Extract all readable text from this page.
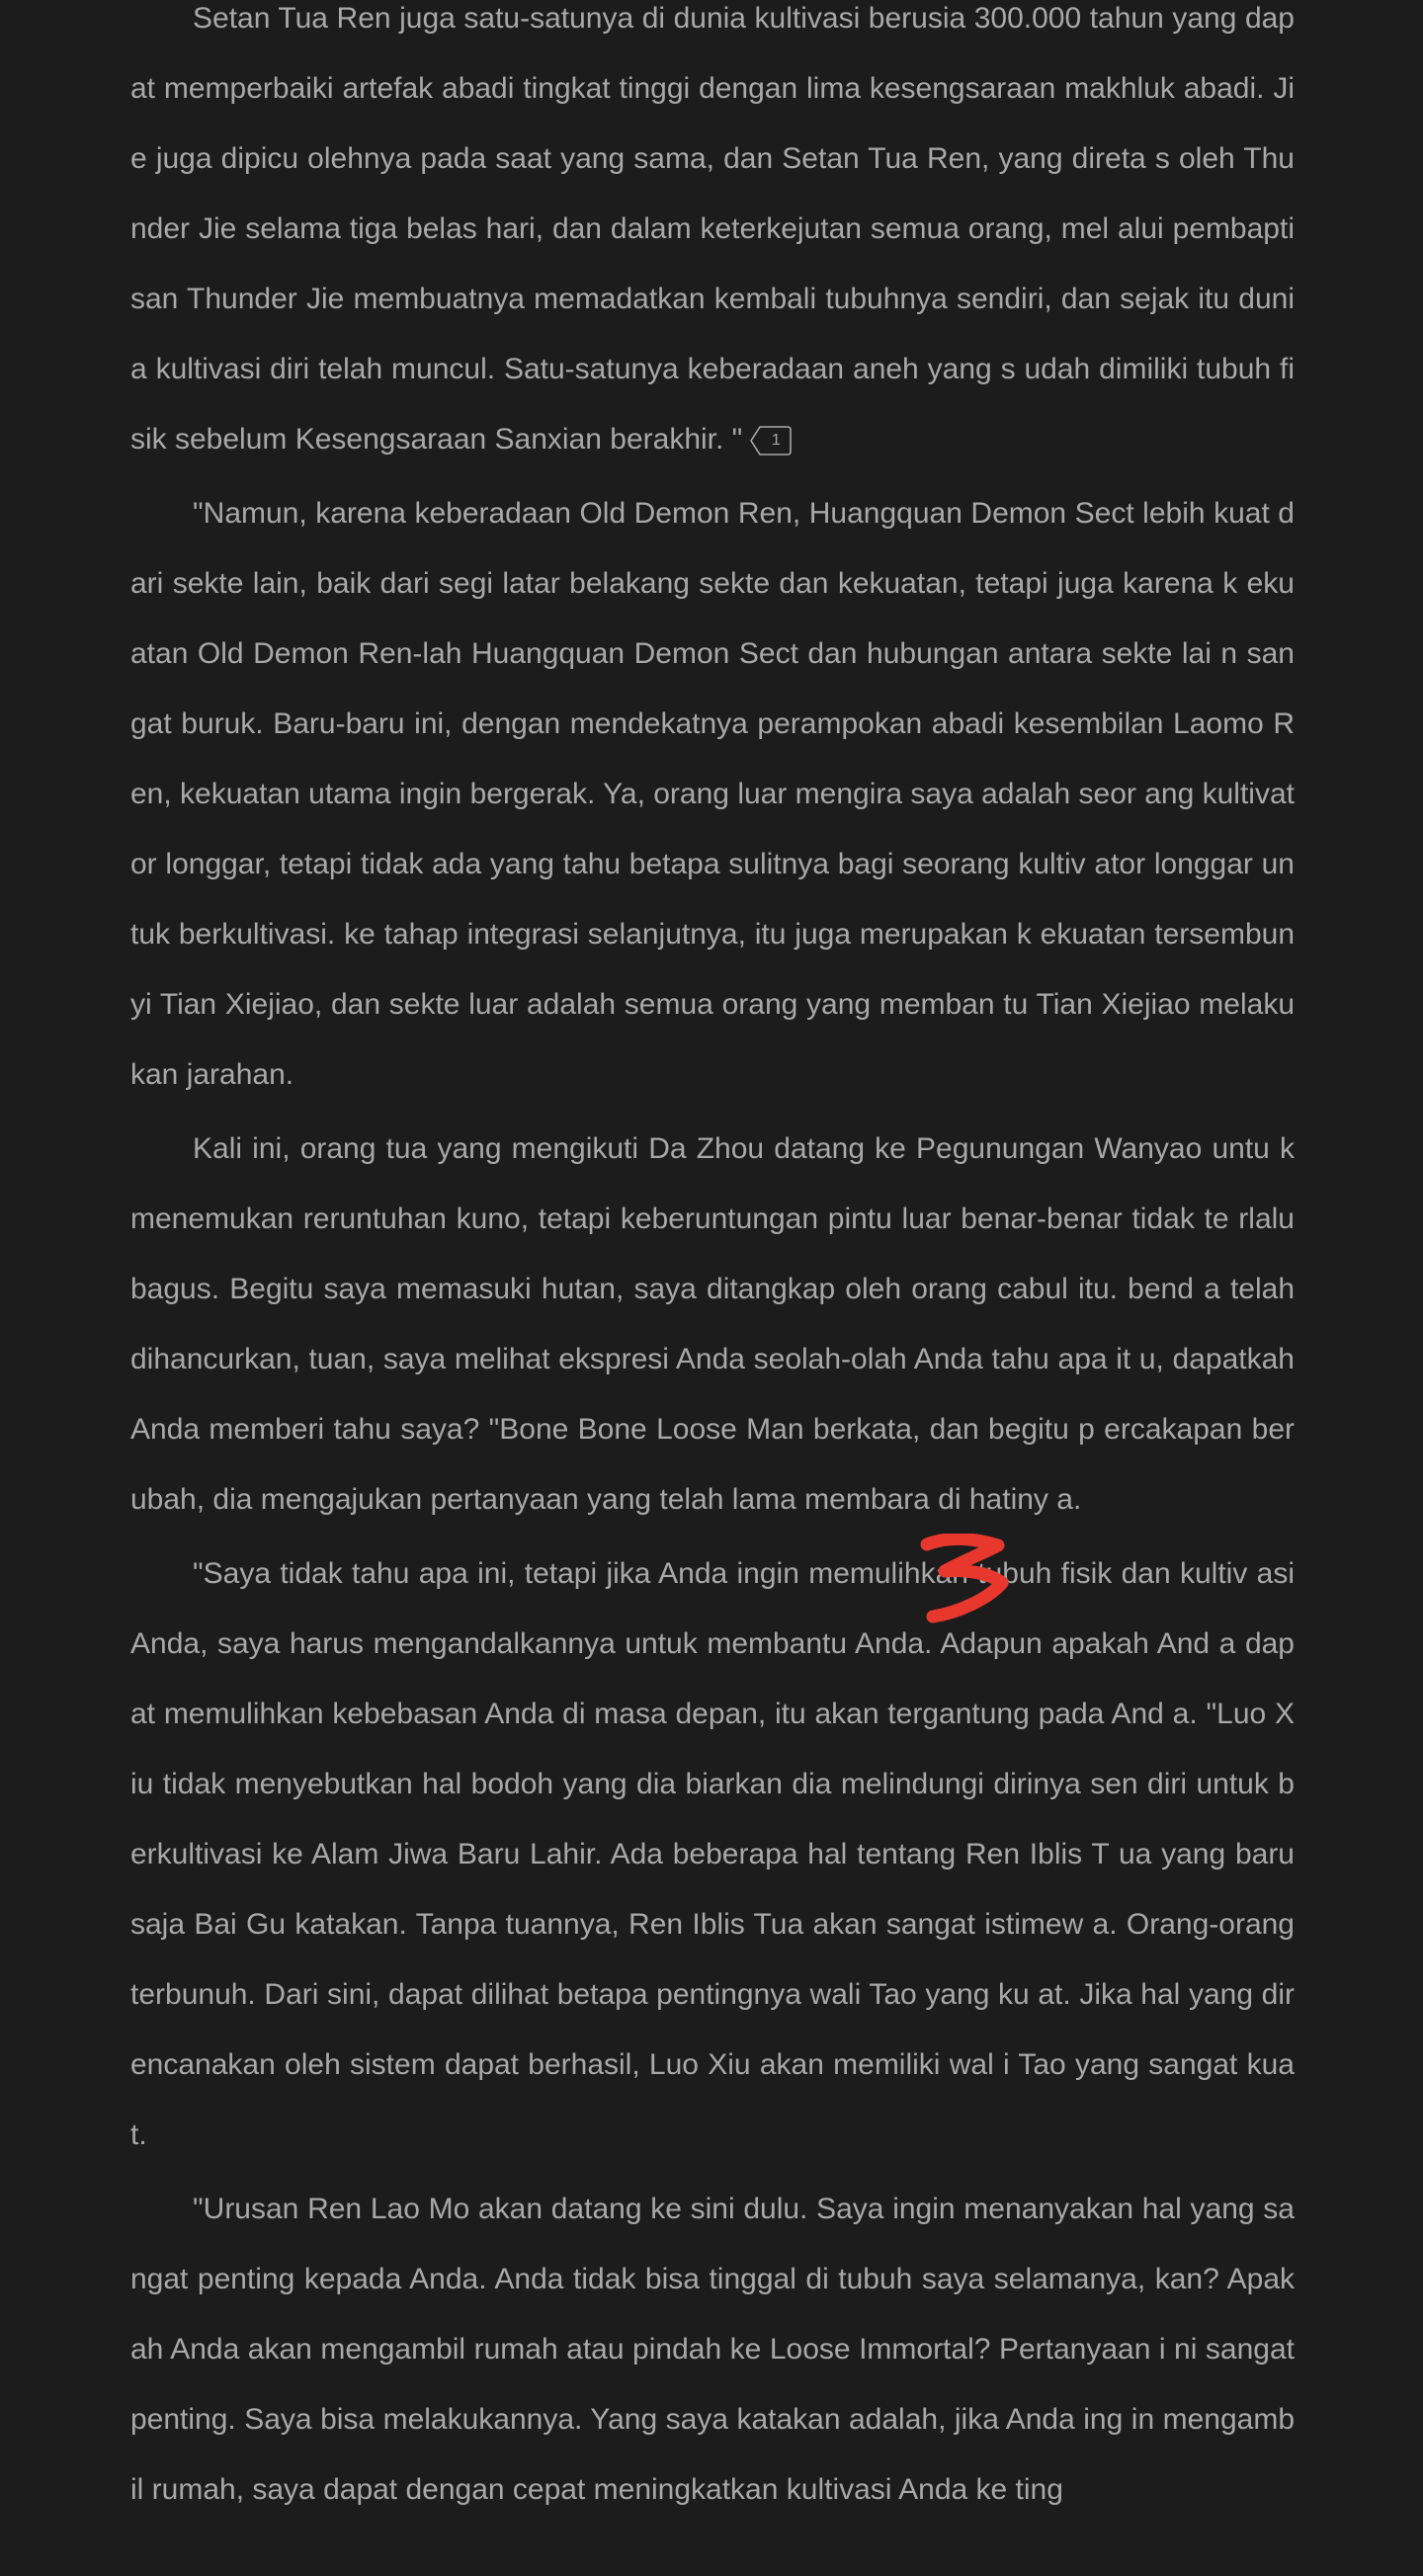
Setan Tua Ren juga satu-satunya di dunia kultivasi berusia 300.000 tahun yang dapat memperbaiki artefak abadi tingkat tinggi dengan lima kesengsaraan makhluk abadi. Jie juga dipicu olehnya pada saat yang sama, dan Setan Tua Ren, yang direta s oleh Thunder Jie selama tiga belas hari, dan dalam keterkejutan semua orang, mel alui pembaptisan Thunder Jie membuatnya memadatkan kembali tubuhnya sendiri, dan sejak itu dunia kultivasi diri telah muncul. Satu-satunya keberadaan aneh yang s udah dimiliki tubuh fisik sebelum Kesengsaraan Sanxian berakhir. "	1

"Namun, karena keberadaan Old Demon Ren, Huangquan Demon Sect lebih kuat dari sekte lain, baik dari segi latar belakang sekte dan kekuatan, tetapi juga karena k ekuatan Old Demon Ren-lah Huangquan Demon Sect dan hubungan antara sekte lai n sangat buruk. Baru-baru ini, dengan mendekatnya perampokan abadi kesembilan Laomo Ren, kekuatan utama ingin bergerak. Ya, orang luar mengira saya adalah seor ang kultivator longgar, tetapi tidak ada yang tahu betapa sulitnya bagi seorang kultiv ator longgar untuk berkultivasi. ke tahap integrasi selanjutnya, itu juga merupakan k ekuatan tersembunyi Tian Xiejiao, dan sekte luar adalah semua orang yang memban tu Tian Xiejiao melakukan jarahan.

Kali ini, orang tua yang mengikuti Da Zhou datang ke Pegunungan Wanyao untu k menemukan reruntuhan kuno, tetapi keberuntungan pintu luar benar-benar tidak te rlalu bagus. Begitu saya memasuki hutan, saya ditangkap oleh orang cabul itu. bend a telah dihancurkan, tuan, saya melihat ekspresi Anda seolah-olah Anda tahu apa it u, dapatkah Anda memberi tahu saya? "Bone Bone Loose Man berkata, dan begitu p ercakapan berubah, dia mengajukan pertanyaan yang telah lama membara di hatiny a.

"Saya tidak tahu apa ini, tetapi jika Anda ingin memulihkan tubuh fisik dan kultiv asi Anda, saya harus mengandalkannya untuk membantu Anda. Adapun apakah And a dapat memulihkan kebebasan Anda di masa depan, itu akan tergantung pada And a. "Luo Xiu tidak menyebutkan hal bodoh yang dia biarkan dia melindungi dirinya sen diri untuk berkultivasi ke Alam Jiwa Baru Lahir. Ada beberapa hal tentang Ren Iblis T ua yang baru saja Bai Gu katakan. Tanpa tuannya, Ren Iblis Tua akan sangat istimew a. Orang-orang terbunuh. Dari sini, dapat dilihat betapa pentingnya wali Tao yang ku at. Jika hal yang direncanakan oleh sistem dapat berhasil, Luo Xiu akan memiliki wal i Tao yang sangat kuat.

"Urusan Ren Lao Mo akan datang ke sini dulu. Saya ingin menanyakan hal yang sangat penting kepada Anda. Anda tidak bisa tinggal di tubuh saya selamanya, kan? Apakah Anda akan mengambil rumah atau pindah ke Loose Immortal? Pertanyaan i ni sangat penting. Saya bisa melakukannya. Yang saya katakan adalah, jika Anda ing in mengambil rumah, saya dapat dengan cepat meningkatkan kultivasi Anda ke ting
